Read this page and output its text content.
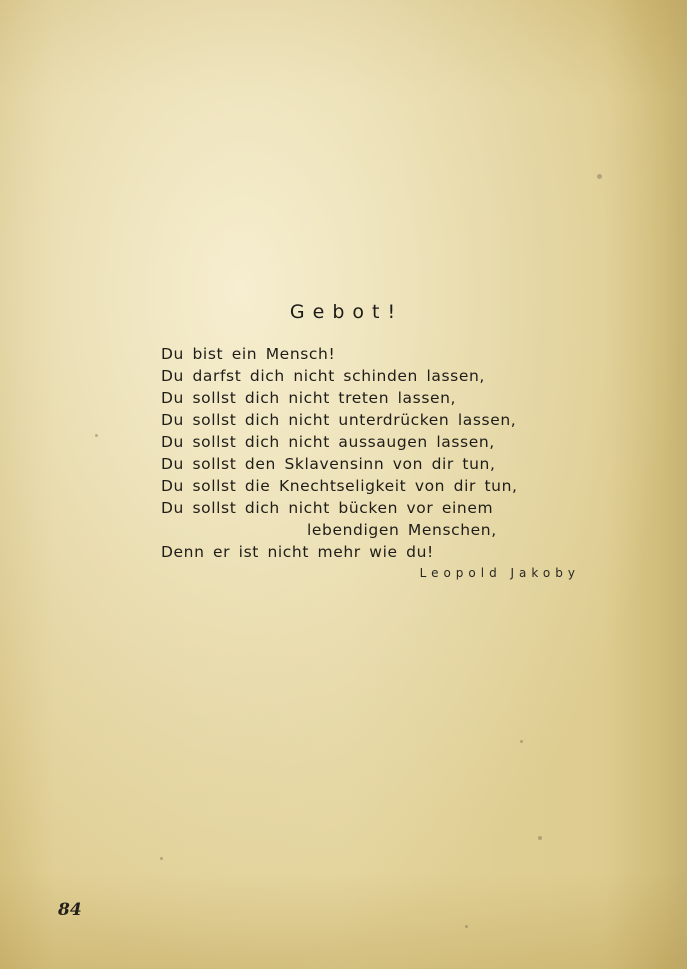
Gebot!
Du bist ein Mensch!
Du darfst dich nicht schinden lassen,
Du sollst dich nicht treten lassen,
Du sollst dich nicht unterdrücken lassen,
Du sollst dich nicht aussaugen lassen,
Du sollst den Sklavensinn von dir tun,
Du sollst die Knechtseligkeit von dir tun,
Du sollst dich nicht bücken vor einem
lebendigen Menschen,
Denn er ist nicht mehr wie du!
Leopold Jakoby
84
